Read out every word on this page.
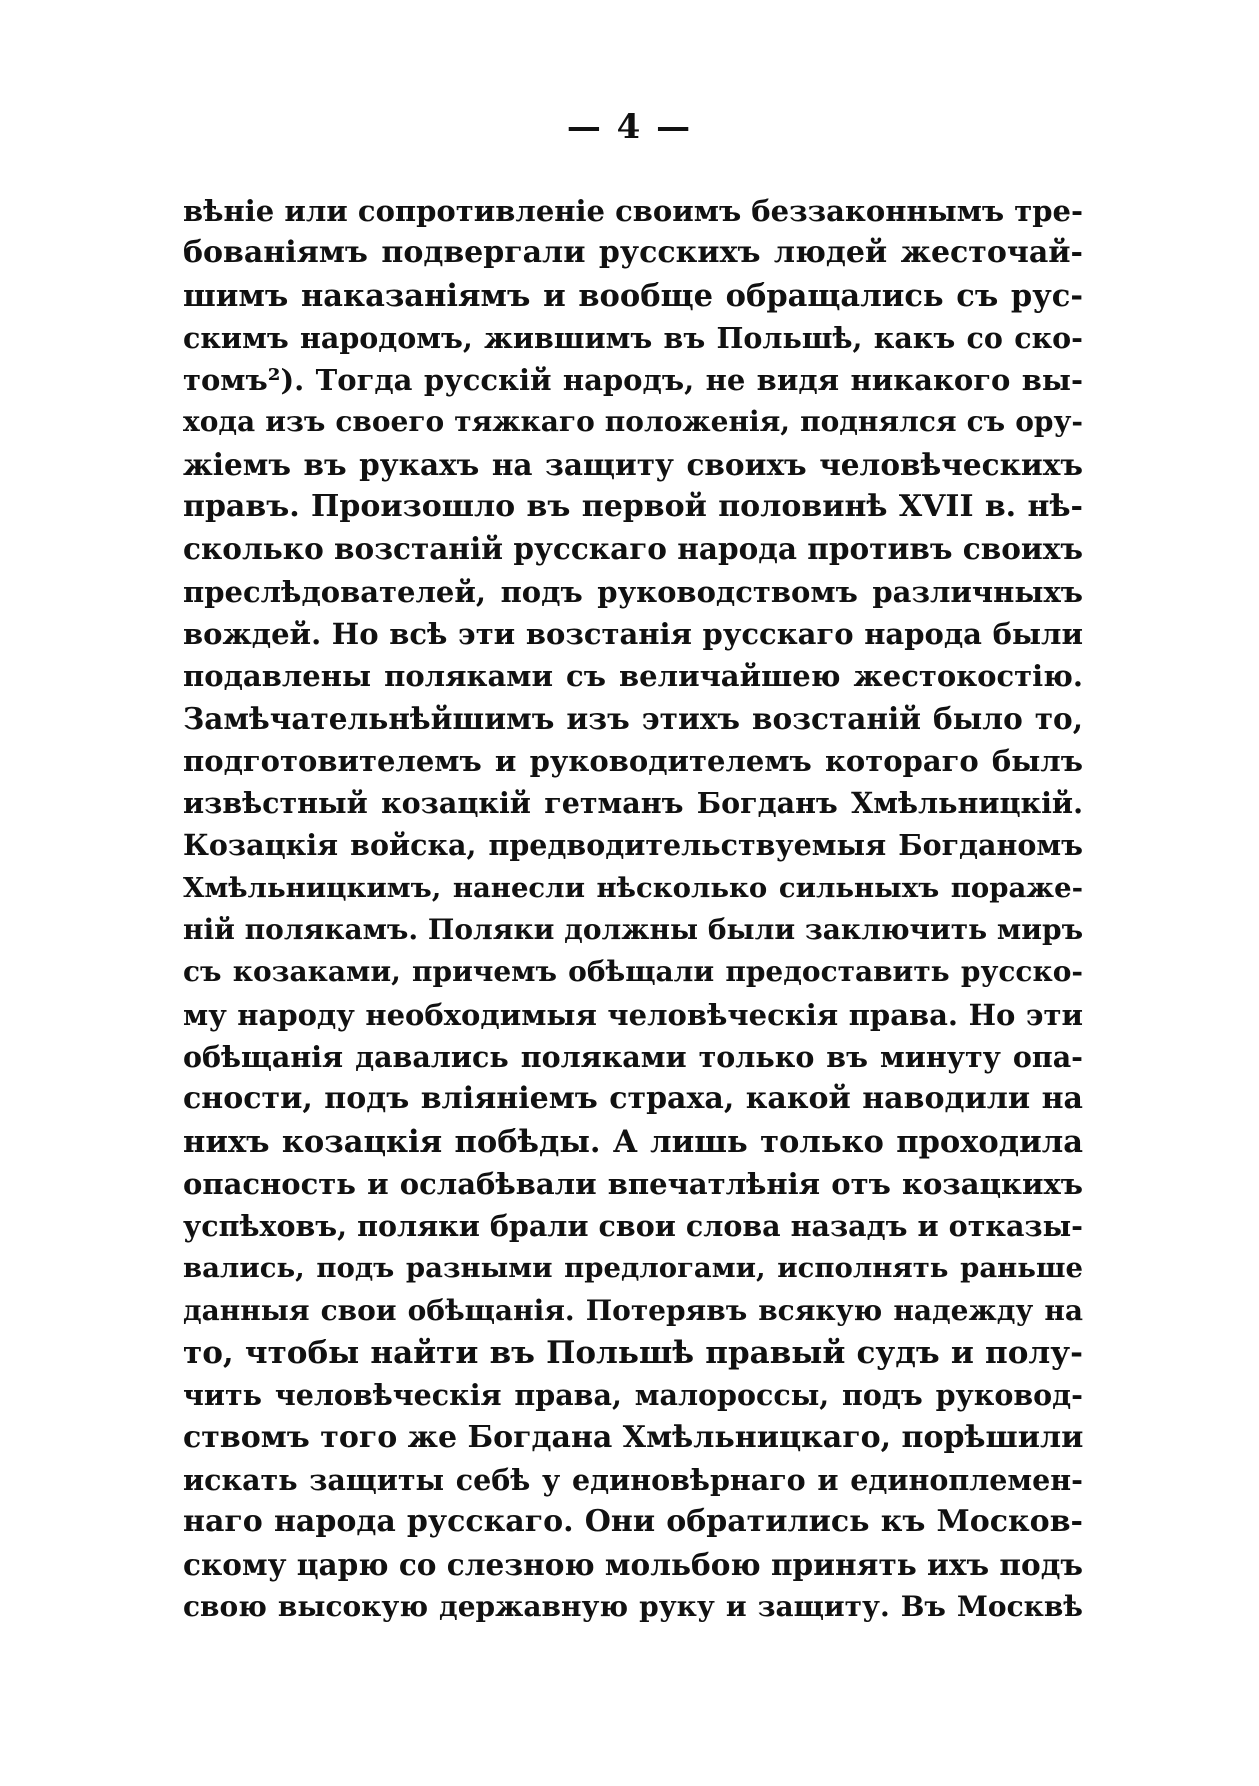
— 4 —
вѣніе или сопротивленіе своимъ беззаконнымъ тре-
бованіямъ подвергали русскихъ людей жесточай-
шимъ наказаніямъ и вообще обращались съ рус-
скимъ народомъ, жившимъ въ Польшѣ, какъ со ско-
томъ²). Тогда русскій народъ, не видя никакого вы-
хода изъ своего тяжкаго положенія, поднялся съ ору-
жіемъ въ рукахъ на защиту своихъ человѣческихъ
правъ. Произошло въ первой половинѣ XVII в. нѣ-
сколько возстаній русскаго народа противъ своихъ
преслѣдователей, подъ руководствомъ различныхъ
вождей. Но всѣ эти возстанія русскаго народа были
подавлены поляками съ величайшею жестокостію.
Замѣчательнѣйшимъ изъ этихъ возстаній было то,
подготовителемъ и руководителемъ котораго былъ
извѣстный козацкій гетманъ Богданъ Хмѣльницкій.
Козацкія войска, предводительствуемыя Богданомъ
Хмѣльницкимъ, нанесли нѣсколько сильныхъ пораже-
ній полякамъ. Поляки должны были заключить миръ
съ козаками, причемъ обѣщали предоставить русско-
му народу необходимыя человѣческія права. Но эти
обѣщанія давались поляками только въ минуту опа-
сности, подъ вліяніемъ страха, какой наводили на
нихъ козацкія побѣды. А лишь только проходила
опасность и ослабѣвали впечатлѣнія отъ козацкихъ
успѣховъ, поляки брали свои слова назадъ и отказы-
вались, подъ разными предлогами, исполнять раньше
данныя свои обѣщанія. Потерявъ всякую надежду на
то, чтобы найти въ Польшѣ правый судъ и полу-
чить человѣческія права, малороссы, подъ руковод-
ствомъ того же Богдана Хмѣльницкаго, порѣшили
искать защиты себѣ у единовѣрнаго и единоплемен-
наго народа русскаго. Они обратились къ Москов-
скому царю со слезною мольбою принять ихъ подъ
свою высокую державную руку и защиту. Въ Москвѣ
